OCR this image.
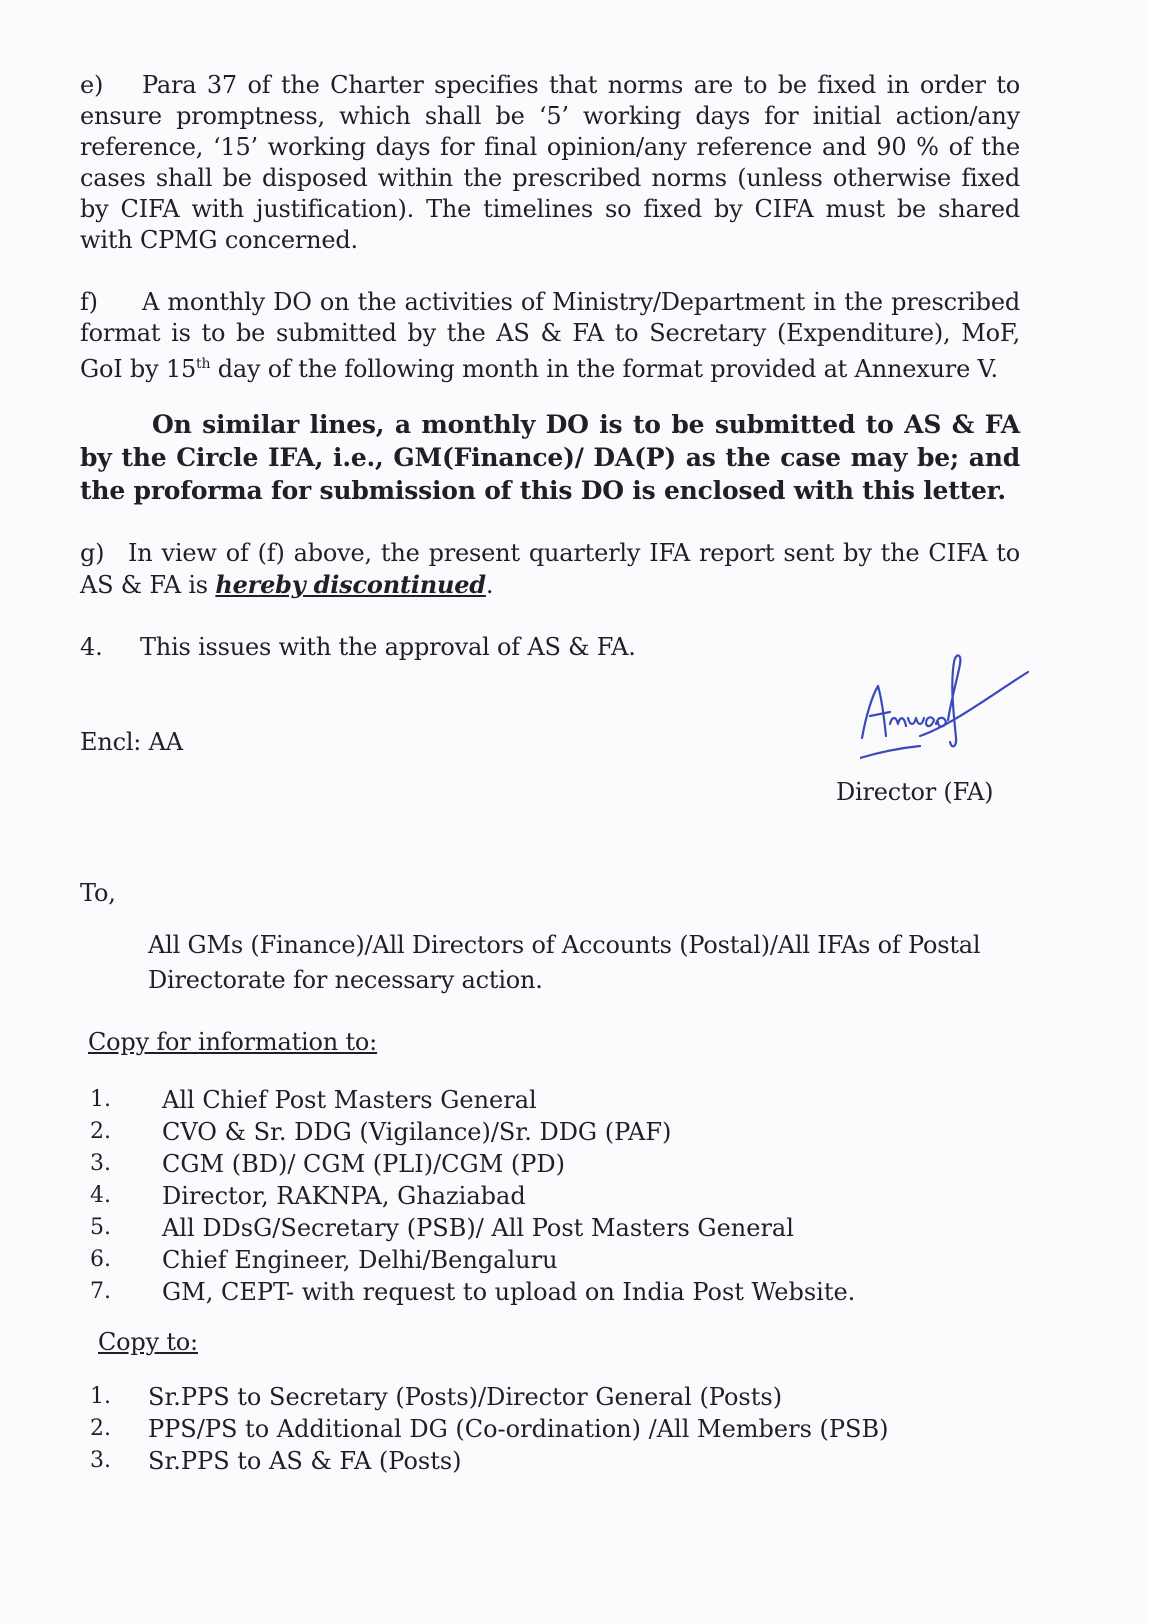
e) Para 37 of the Charter specifies that norms are to be fixed in order to ensure promptness, which shall be ‘5’ working days for initial action/any reference, ‘15’ working days for final opinion/any reference and 90 % of the cases shall be disposed within the prescribed norms (unless otherwise fixed by CIFA with justification). The timelines so fixed by CIFA must be shared with CPMG concerned.
f) A monthly DO on the activities of Ministry/Department in the prescribed format is to be submitted by the AS & FA to Secretary (Expenditure), MoF, GoI by 15th day of the following month in the format provided at Annexure V.
On similar lines, a monthly DO is to be submitted to AS & FA by the Circle IFA, i.e., GM(Finance)/ DA(P) as the case may be; and the proforma for submission of this DO is enclosed with this letter.
g) In view of (f) above, the present quarterly IFA report sent by the CIFA to AS & FA is hereby discontinued.
4. This issues with the approval of AS & FA.
Encl: AA
Director (FA)
To,
All GMs (Finance)/All Directors of Accounts (Postal)/All IFAs of Postal
Directorate for necessary action.
Copy for information to:
1.	All Chief Post Masters General
2.	CVO & Sr. DDG (Vigilance)/Sr. DDG (PAF)
3.	CGM (BD)/ CGM (PLI)/CGM (PD)
4.	Director, RAKNPA, Ghaziabad
5.	All DDsG/Secretary (PSB)/ All Post Masters General
6.	Chief Engineer, Delhi/Bengaluru
7.	GM, CEPT- with request to upload on India Post Website.
Copy to:
1.	Sr.PPS to Secretary (Posts)/Director General (Posts)
2.	PPS/PS to Additional DG (Co-ordination) /All Members (PSB)
3.	Sr.PPS to AS & FA (Posts)
